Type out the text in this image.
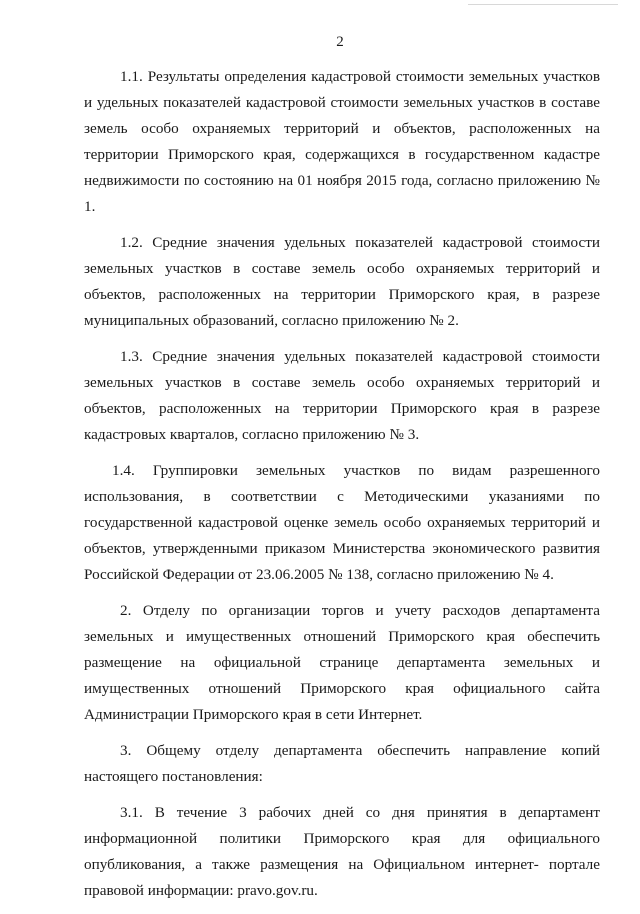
2

1.1. Результаты определения кадастровой стоимости земельных участков и удельных показателей кадастровой стоимости земельных участков в составе земель особо охраняемых территорий и объектов, расположенных на территории Приморского края, содержащихся в государственном кадастре недвижимости по состоянию на 01 ноября 2015 года, согласно приложению № 1.

1.2. Средние значения удельных показателей кадастровой стоимости земельных участков в составе земель особо охраняемых территорий и объектов, расположенных на территории Приморского края, в разрезе муниципальных образований, согласно приложению № 2.

1.3. Средние значения удельных показателей кадастровой стоимости земельных участков в составе земель особо охраняемых территорий и объектов, расположенных на территории Приморского края в разрезе кадастровых кварталов, согласно приложению № 3.

1.4. Группировки земельных участков по видам разрешенного использования, в соответствии с Методическими указаниями по государственной кадастровой оценке земель особо охраняемых территорий и объектов, утвержденными приказом Министерства экономического развития Российской Федерации от 23.06.2005 № 138, согласно приложению № 4.

2. Отделу по организации торгов и учету расходов департамента земельных и имущественных отношений Приморского края обеспечить размещение на официальной странице департамента земельных и имущественных отношений Приморского края официального сайта Администрации Приморского края в сети Интернет.

3. Общему отделу департамента обеспечить направление копий настоящего постановления:

3.1. В течение 3 рабочих дней со дня принятия в департамент информационной политики Приморского края для официального опубликования, а также размещения на Официальном интернет- портале правовой информации: pravo.gov.ru.
